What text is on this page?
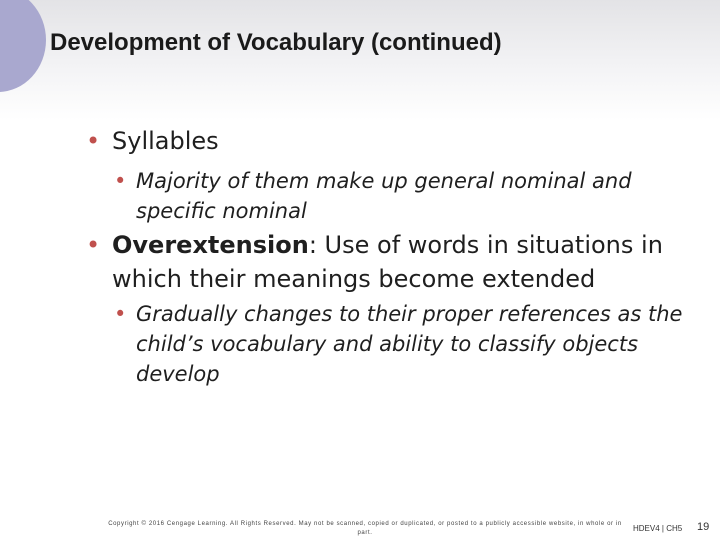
Development of Vocabulary (continued)
• Syllables
• Majority of them make up general nominal and specific nominal
• Overextension: Use of words in situations in which their meanings become extended
• Gradually changes to their proper references as the child’s vocabulary and ability to classify objects develop
Copyright © 2016 Cengage Learning. All Rights Reserved. May not be scanned, copied or duplicated, or posted to a publicly accessible website, in whole or in part.	HDEV4 | CH5 19
